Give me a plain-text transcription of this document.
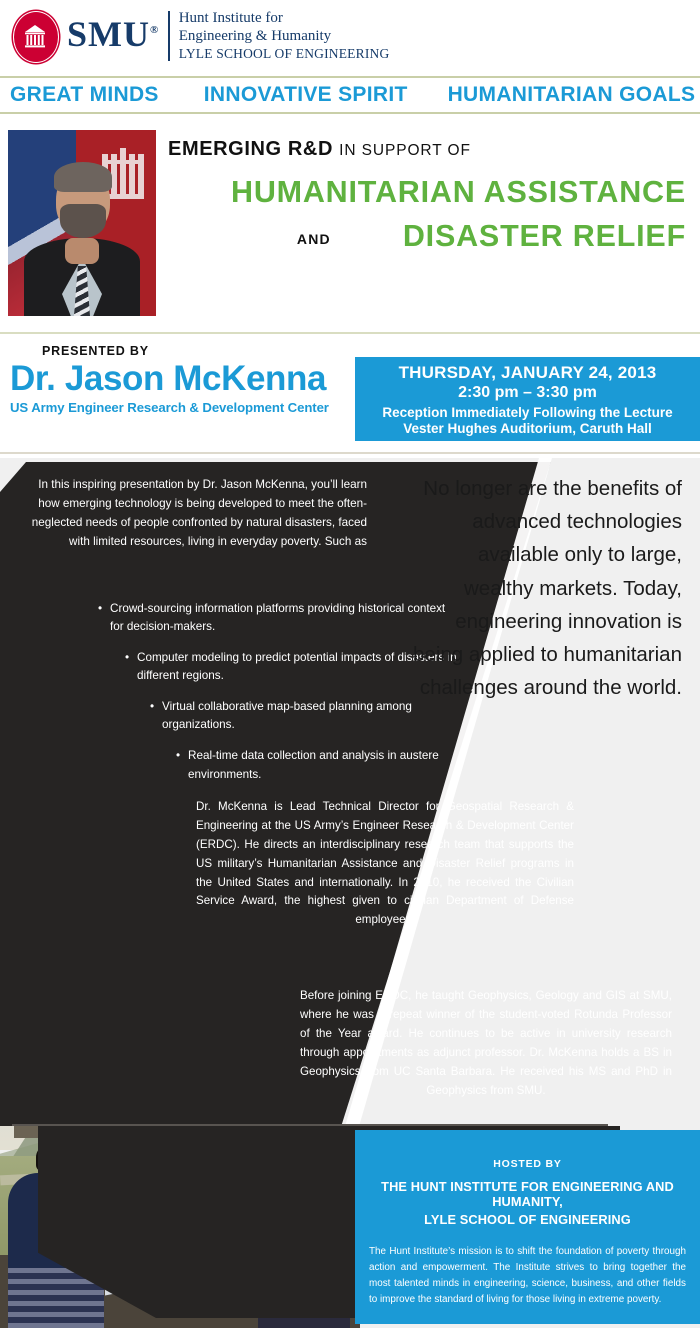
SMU®
Hunt Institute for
Engineering & Humanity
LYLE SCHOOL OF ENGINEERING
GREAT MINDS INNOVATIVE SPIRIT HUMANITARIAN GOALS
EMERGING R&D IN SUPPORT OF
HUMANITARIAN ASSISTANCE
AND DISASTER RELIEF
PRESENTED BY
Dr. Jason McKenna
US Army Engineer Research & Development Center
THURSDAY, JANUARY 24, 2013
2:30 pm – 3:30 pm
Reception Immediately Following the Lecture
Vester Hughes Auditorium, Caruth Hall
In this inspiring presentation by Dr. Jason McKenna, you’ll learn how emerging technology is being developed to meet the often-neglected needs of people confronted by natural disasters, faced with limited resources, living in everyday poverty. Such as
• Crowd-sourcing information platforms providing historical context for decision-makers.
• Computer modeling to predict potential impacts of disasters in different regions.
• Virtual collaborative map-based planning among organizations.
• Real-time data collection and analysis in austere environments.
Dr. McKenna is Lead Technical Director for Geospatial Research & Engineering at the US Army’s Engineer Research & Development Center (ERDC). He directs an interdisciplinary research team that supports the US military’s Humanitarian Assistance and Disaster Relief programs in the United States and internationally. In 2010, he received the Civilian Service Award, the highest given to civilian Department of Defense employees.
Before joining ERDC, he taught Geophysics, Geology and GIS at SMU, where he was a repeat winner of the student-voted Rotunda Professor of the Year award. He continues to be active in university research through appointments as adjunct professor. Dr. McKenna holds a BS in Geophysics from UC Santa Barbara. He received his MS and PhD in Geophysics from SMU.
No longer are the benefits of advanced technologies available only to large, wealthy markets. Today, engineering innovation is being applied to humanitarian challenges around the world.
HOSTED BY
THE HUNT INSTITUTE FOR ENGINEERING AND HUMANITY,
LYLE SCHOOL OF ENGINEERING
The Hunt Institute’s mission is to shift the foundation of poverty through action and empowerment. The Institute strives to bring together the most talented minds in engineering, science, business, and other fields to improve the standard of living for those living in extreme poverty.
